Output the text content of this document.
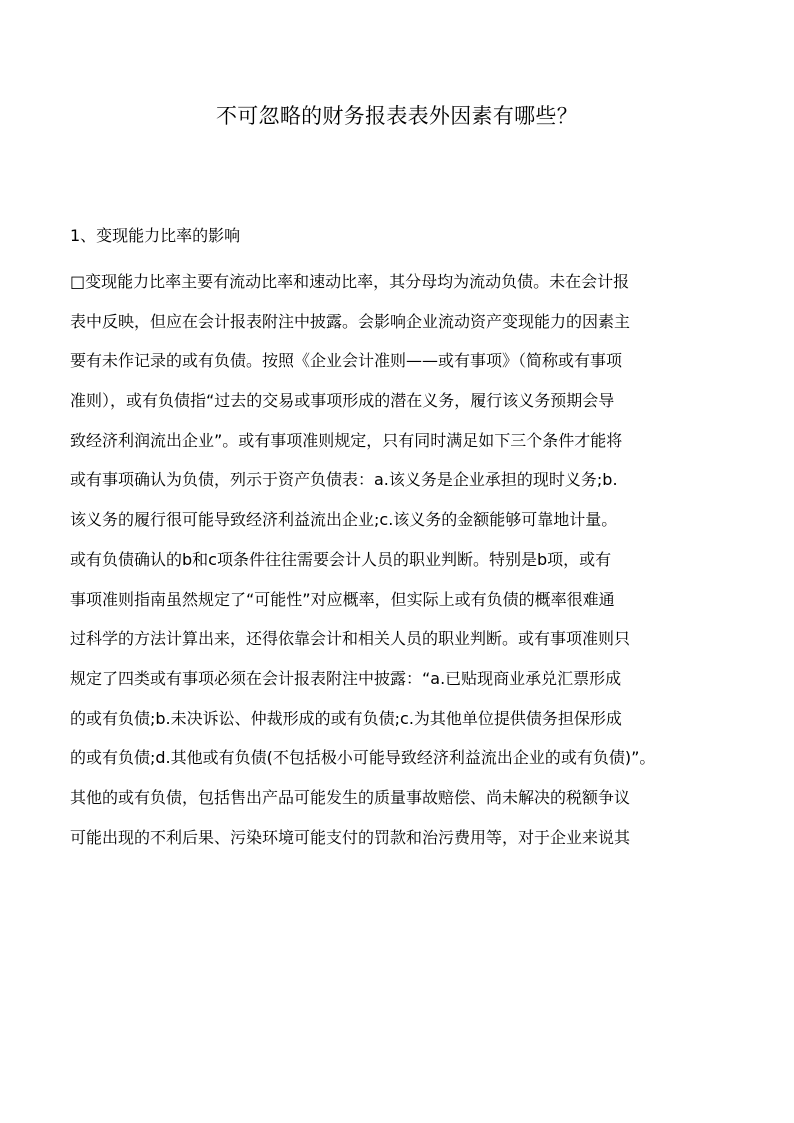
不可忽略的财务报表表外因素有哪些？
1、变现能力比率的影响
□变现能力比率主要有流动比率和速动比率，其分母均为流动负债。未在会计报
表中反映，但应在会计报表附注中披露。会影响企业流动资产变现能力的因素主
要有未作记录的或有负债。按照《企业会计准则——或有事项》（简称或有事项
准则），或有负债指“过去的交易或事项形成的潜在义务，履行该义务预期会导
致经济利润流出企业”。或有事项准则规定，只有同时满足如下三个条件才能将
或有事项确认为负债，列示于资产负债表：a.该义务是企业承担的现时义务;b.
该义务的履行很可能导致经济利益流出企业;c.该义务的金额能够可靠地计量。
或有负债确认的b和c项条件往往需要会计人员的职业判断。特别是b项，或有
事项准则指南虽然规定了“可能性”对应概率，但实际上或有负债的概率很难通
过科学的方法计算出来，还得依靠会计和相关人员的职业判断。或有事项准则只
规定了四类或有事项必须在会计报表附注中披露：“a.已贴现商业承兑汇票形成
的或有负债;b.未决诉讼、仲裁形成的或有负债;c.为其他单位提供债务担保形成
的或有负债;d.其他或有负债(不包括极小可能导致经济利益流出企业的或有负债)”。
其他的或有负债，包括售出产品可能发生的质量事故赔偿、尚未解决的税额争议
可能出现的不利后果、污染环境可能支付的罚款和治污费用等，对于企业来说其
